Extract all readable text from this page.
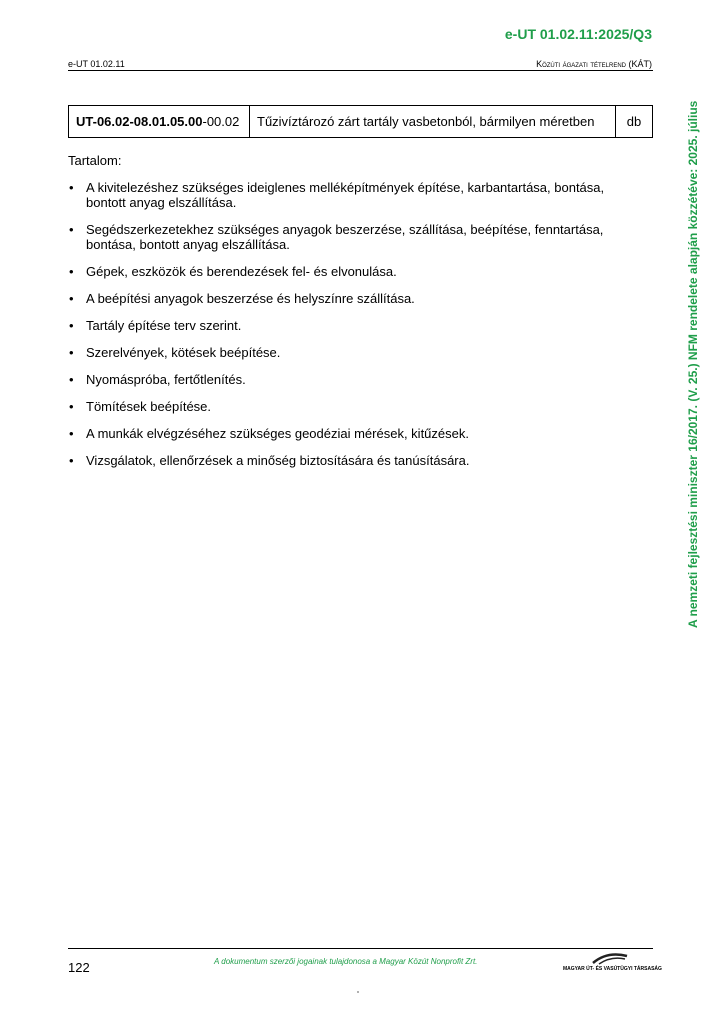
e-UT 01.02.11:2025/Q3
e-UT 01.02.11	Közúti ágazati tételrend (KÁT)
UT-06.02-08.01.05.00 -00.02	Tűzivíztározó zárt tartály vasbetonból, bármilyen méretben	db
Tartalom:
• A kivitelezéshez szükséges ideiglenes melléképítmények építése, karbantartása, bontása, bontott anyag elszállítása.
• Segédszerkezetekhez szükséges anyagok beszerzése, szállítása, beépítése, fenntartása, bontása, bontott anyag elszállítása.
• Gépek, eszközök és berendezések fel- és elvonulása.
• A beépítési anyagok beszerzése és helyszínre szállítása.
• Tartály építése terv szerint.
• Szerelvények, kötések beépítése.
• Nyomáspróba, fertőtlenítés.
• Tömítések beépítése.
• A munkák elvégzéséhez szükséges geodéziai mérések, kitűzések.
• Vizsgálatok, ellenőrzések a minőség biztosítására és tanúsítására.	A nemzeti fejlesztési miniszter 16/2017. (V. 25.) NFM rendelete alapján közzétéve: 2025. július
122	A dokumentum szerzői jogainak tulajdonosa a Magyar Közút Nonprofit Zrt.
MAGYAR ÚT- ÉS VASÚTÜGYI TÁRSASÁG
